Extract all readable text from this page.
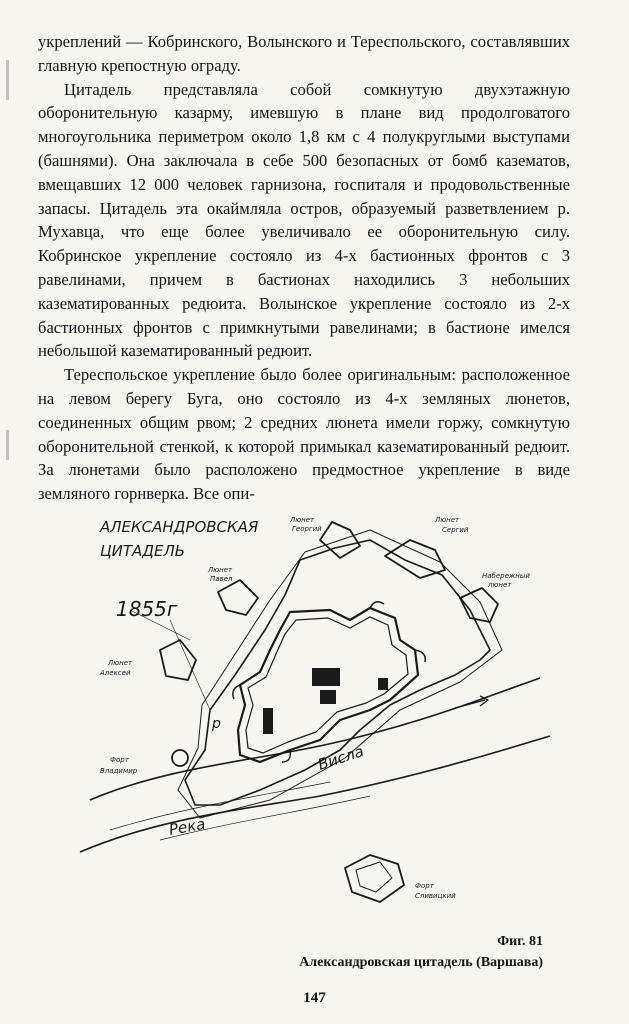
укреплений — Кобринского, Волынского и Тереспольского, составлявших главную крепостную ограду.

Цитадель представляла собой сомкнутую двухэтажную оборонительную казарму, имевшую в плане вид продолговатого многоугольника периметром около 1,8 км с 4 полукруглыми выступами (башнями). Она заключала в себе 500 безопасных от бомб казематов, вмещавших 12 000 человек гарнизона, госпиталя и продовольственные запасы. Цитадель эта окаймляла остров, образуемый разветвлением р. Мухавца, что еще более увеличивало ее оборонительную силу. Кобринское укрепление состояло из 4-х бастионных фронтов с 3 равелинами, причем в бастионах находились 3 небольших казематированных редюита. Волынское укрепление состояло из 2-х бастионных фронтов с примкнутыми равелинами; в бастионе имелся небольшой казематированный редюит.

Тереспольское укрепление было более оригинальным: расположенное на левом берегу Буга, оно состояло из 4-х земляных люнетов, соединенных общим рвом; 2 средних люнета имели горжу, сомкнутую оборонительной стенкой, к которой примыкал казематированный редюит. За люнетами было расположено предмостное укрепление в виде земляного горнверка. Все опи-

АЛЕКСАНДРОВСКАЯ
ЦИТАДЕЛЬ
1855г
Люнет
Георгий
Люнет
Сергий
Люнет
Павел	Набережный
люнет
Люнет
Алексей
Форт
Владимир
Форт
Сливицкий
Висла
Река
р
Фиг. 81
Александровская цитадель (Варшава)
147
